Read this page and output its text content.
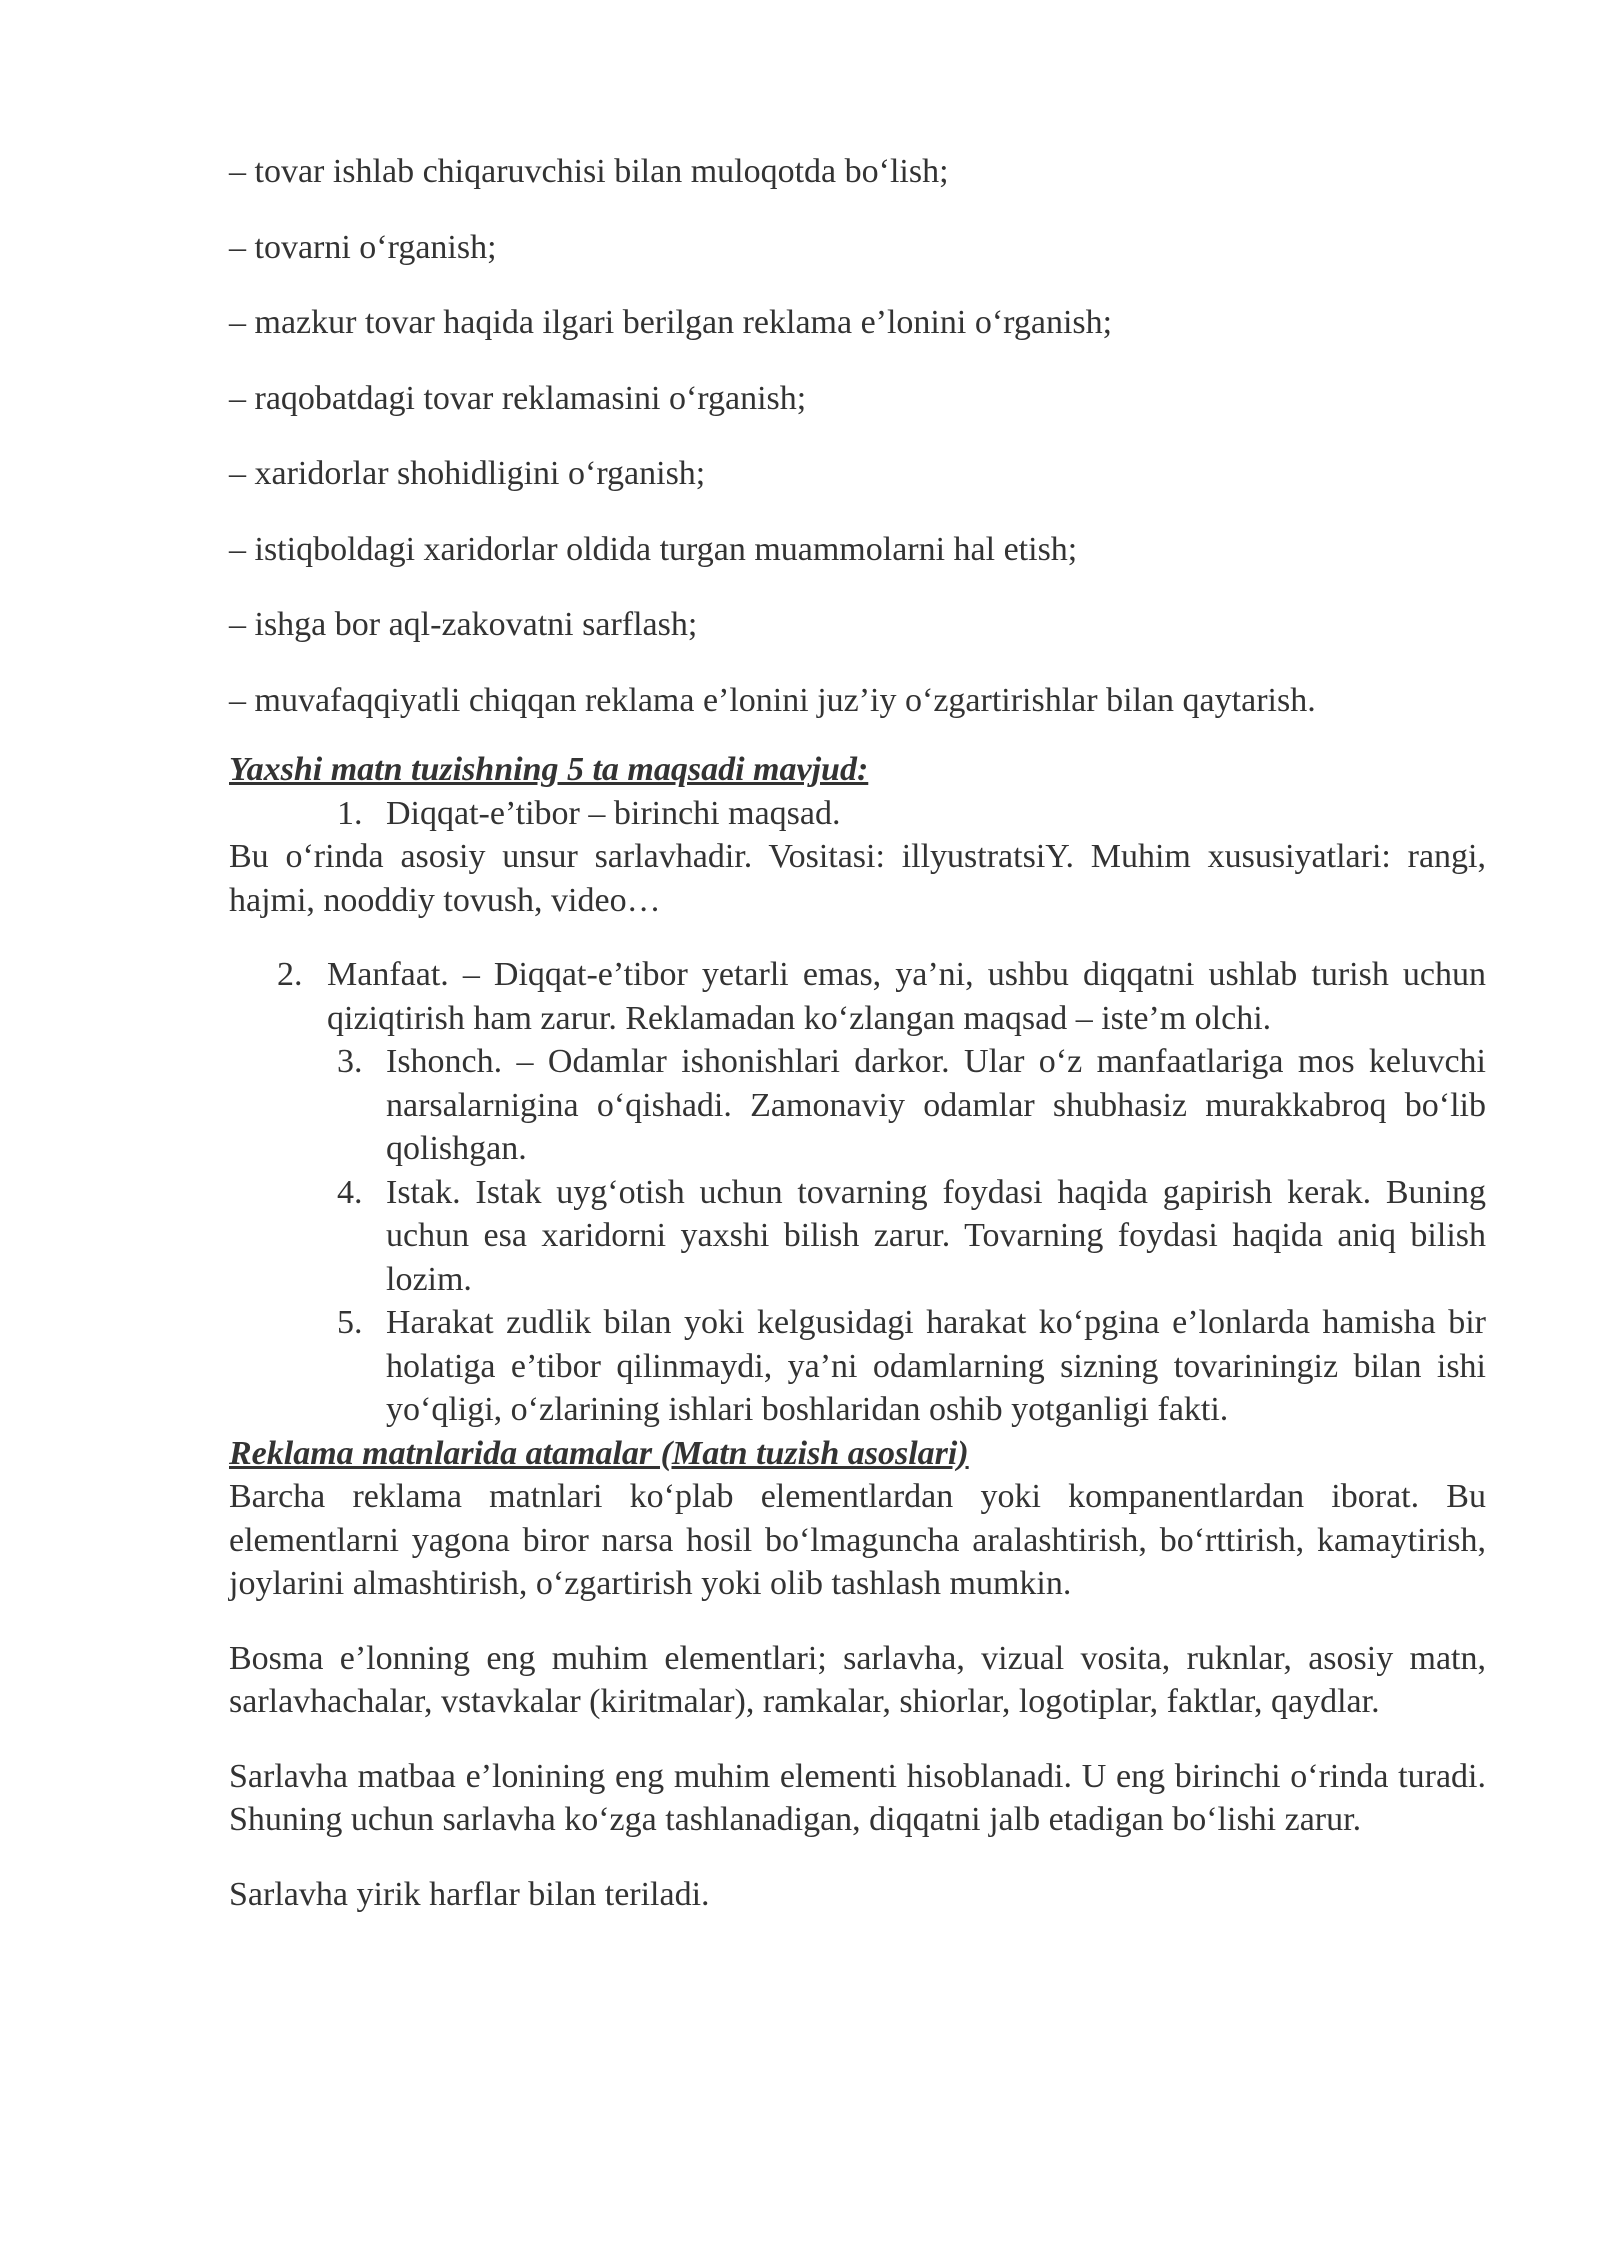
– tovar ishlab chiqaruvchisi bilan muloqotda bo‘lish;

– tovarni o‘rganish;

– mazkur tovar haqida ilgari berilgan reklama e’lonini o‘rganish;

– raqobatdagi tovar reklamasini o‘rganish;

– xaridorlar shohidligini o‘rganish;

– istiqboldagi xaridorlar oldida turgan muammolarni hal etish;

– ishga bor aql-zakovatni sarflash;

– muvafaqqiyatli chiqqan reklama e’lonini juz’iy o‘zgartirishlar bilan qaytarish.

Yaxshi matn tuzishning 5 ta maqsadi mavjud:

1. Diqqat-e’tibor – birinchi maqsad.

Bu o‘rinda asosiy unsur sarlavhadir. Vositasi: illyustratsiY. Muhim xususiyatlari: rangi, hajmi, nooddiy tovush, video…

2. Manfaat. – Diqqat-e’tibor yetarli emas, ya’ni, ushbu diqqatni ushlab turish uchun qiziqtirish ham zarur. Reklamadan ko‘zlangan maqsad – iste’m olchi.

3. Ishonch. – Odamlar ishonishlari darkor. Ular o‘z manfaatlariga mos keluvchi narsalarnigina o‘qishadi. Zamonaviy odamlar shubhasiz murakkabroq bo‘lib qolishgan.

4. Istak. Istak uyg‘otish uchun tovarning foydasi haqida gapirish kerak. Buning uchun esa xaridorni yaxshi bilish zarur. Tovarning foydasi haqida aniq bilish lozim.

5. Harakat zudlik bilan yoki kelgusidagi harakat ko‘pgina e’lonlarda hamisha bir holatiga e’tibor qilinmaydi, ya’ni odamlarning sizning tovariningiz bilan ishi yo‘qligi, o‘zlarining ishlari boshlaridan oshib yotganligi fakti.

Reklama matnlarida atamalar (Matn tuzish asoslari)

Barcha reklama matnlari ko‘plab elementlardan yoki kompanentlardan iborat. Bu elementlarni yagona biror narsa hosil bo‘lmaguncha aralashtirish, bo‘rttirish, kamaytirish, joylarini almashtirish, o‘zgartirish yoki olib tashlash mumkin.

Bosma e’lonning eng muhim elementlari; sarlavha, vizual vosita, ruknlar, asosiy matn, sarlavhachalar, vstavkalar (kiritmalar), ramkalar, shiorlar, logotiplar, faktlar, qaydlar.

Sarlavha matbaa e’lonining eng muhim elementi hisoblanadi. U eng birinchi o‘rinda turadi. Shuning uchun sarlavha ko‘zga tashlanadigan, diqqatni jalb etadigan bo‘lishi zarur.

Sarlavha yirik harflar bilan teriladi.
